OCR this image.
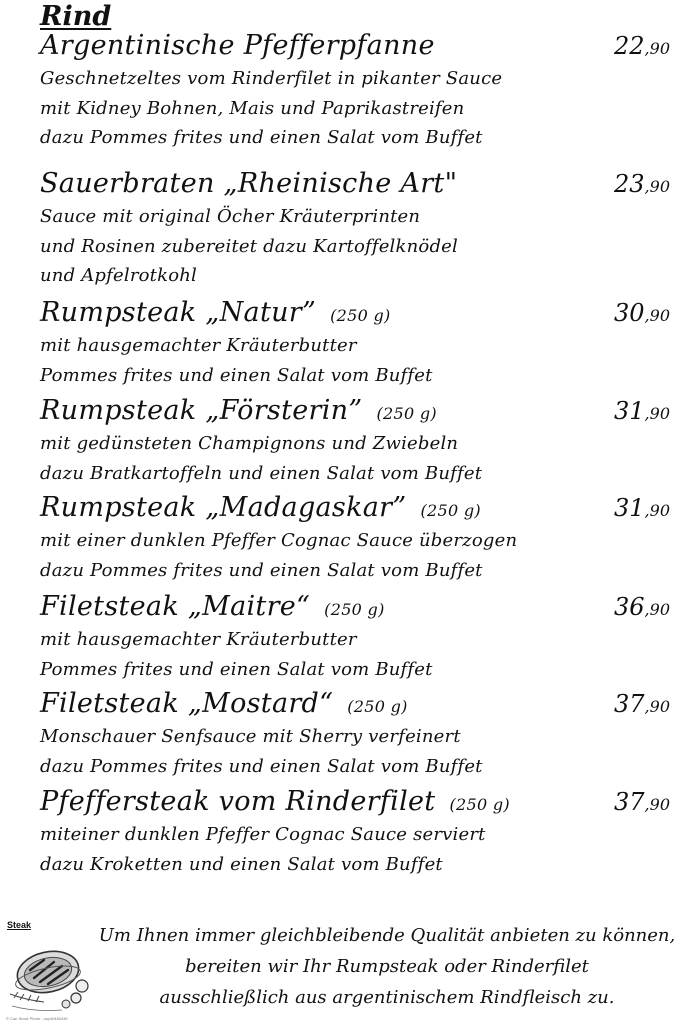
Rind
Argentinische Pfefferpfanne	22,90
Geschnetzeltes vom Rinderfilet in pikanter Sauce
mit Kidney Bohnen, Mais und Paprikastreifen
dazu Pommes frites und einen Salat vom Buffet
Sauerbraten „Rheinische Art"	23,90
Sauce mit original Öcher Kräuterprinten
und Rosinen zubereitet dazu Kartoffelknödel
und Apfelrotkohl
Rumpsteak „Natur” (250 g)	30,90
mit hausgemachter Kräuterbutter
Pommes frites und einen Salat vom Buffet
Rumpsteak „Försterin” (250 g)	31,90
mit gedünsteten Champignons und Zwiebeln
dazu Bratkartoffeln und einen Salat vom Buffet
Rumpsteak „Madagaskar” (250 g)	31,90
mit einer dunklen Pfeffer Cognac Sauce überzogen
dazu Pommes frites und einen Salat vom Buffet
Filetsteak „Maitre“ (250 g)	36,90
mit hausgemachter Kräuterbutter
Pommes frites und einen Salat vom Buffet
Filetsteak „Mostard“ (250 g)	37,90
Monschauer Senfsauce mit Sherry verfeinert
dazu Pommes frites und einen Salat vom Buffet
Pfeffersteak vom Rinderfilet (250 g)	37,90
miteiner dunklen Pfeffer Cognac Sauce serviert
dazu Kroketten und einen Salat vom Buffet
Steak
© Can Stock Photo - csp40480430
Um Ihnen immer gleichbleibende Qualität anbieten zu können,
bereiten wir Ihr Rumpsteak oder Rinderfilet
ausschließlich aus argentinischem Rindfleisch zu.
